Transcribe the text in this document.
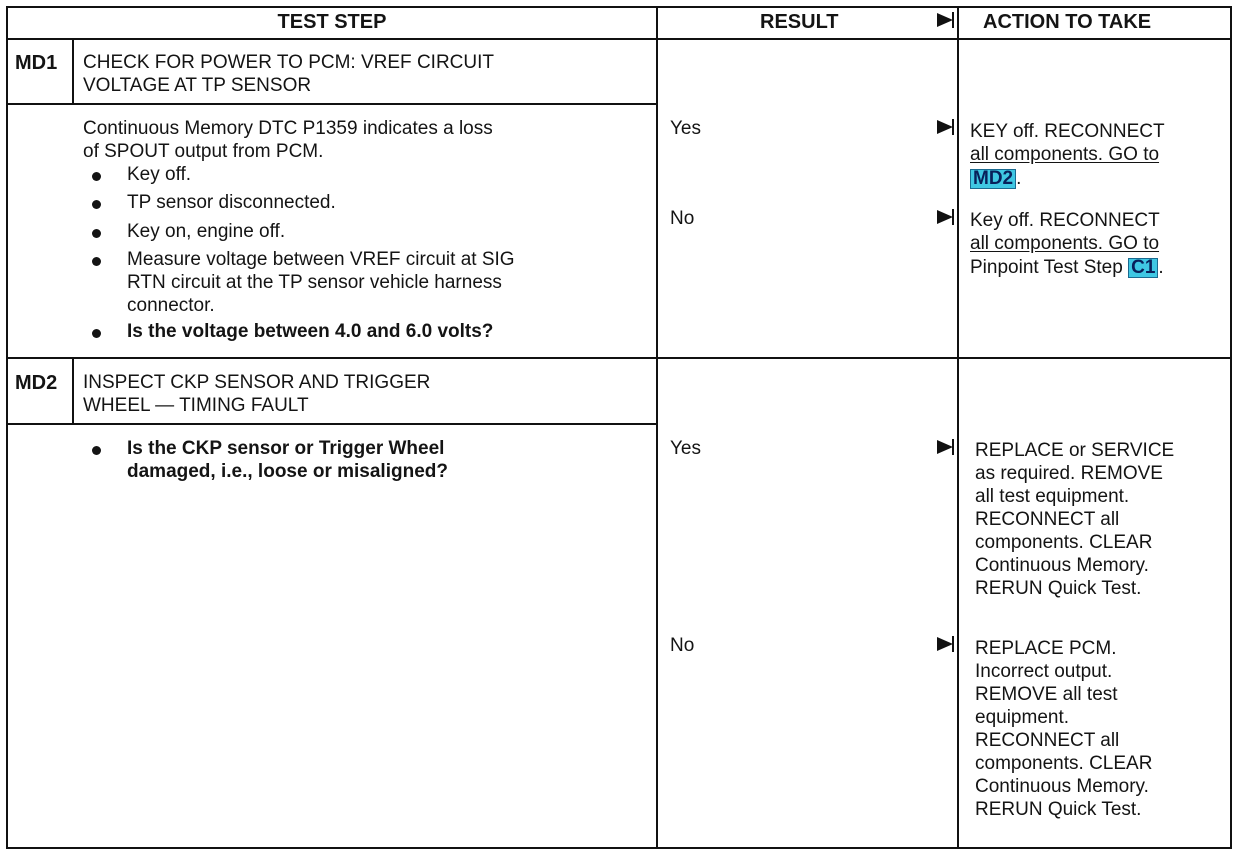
TEST STEP	RESULT	ACTION TO TAKE
MD1 CHECK FOR POWER TO PCM: VREF CIRCUIT
VOLTAGE AT TP SENSOR
Continuous Memory DTC P1359 indicates a loss
of SPOUT output from PCM.
Key off.
TP sensor disconnected.
Key on, engine off.
Measure voltage between VREF circuit at SIG
RTN circuit at the TP sensor vehicle harness
connector.
Is the voltage between 4.0 and 6.0 volts?
Yes	KEY off. RECONNECT
all components. GO to
MD2 .
No	Key off. RECONNECT
all components. GO to
Pinpoint Test Step C1 .
MD2 INSPECT CKP SENSOR AND TRIGGER
WHEEL — TIMING FAULT
Is the CKP sensor or Trigger Wheel
damaged, i.e., loose or misaligned?
Yes	REPLACE or SERVICE
as required. REMOVE
all test equipment.
RECONNECT all
components. CLEAR
Continuous Memory.
RERUN Quick Test.
No	REPLACE PCM.
Incorrect output.
REMOVE all test
equipment.
RECONNECT all
components. CLEAR
Continuous Memory.
RERUN Quick Test.
